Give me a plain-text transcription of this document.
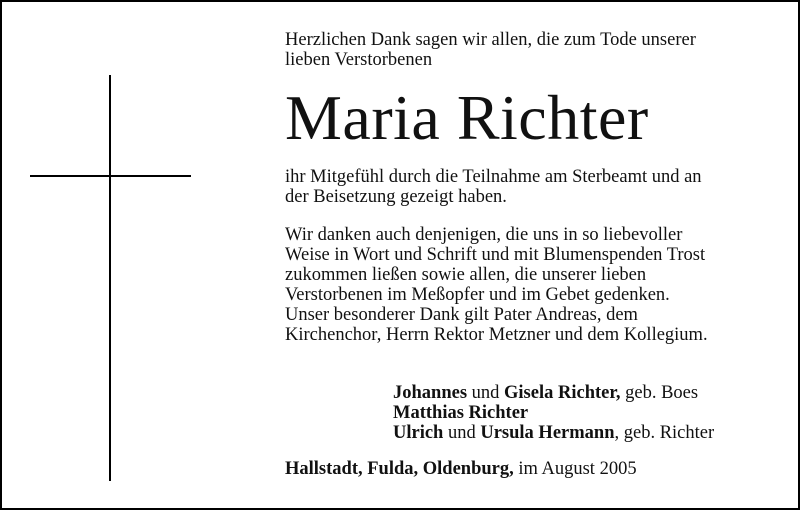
Herzlichen Dank sagen wir allen, die zum Tode unserer

lieben Verstorbenen

Maria Richter

ihr Mitgefühl durch die Teilnahme am Sterbeamt und an

der Beisetzung gezeigt haben.

Wir danken auch denjenigen, die uns in so liebevoller

Weise in Wort und Schrift und mit Blumenspenden Trost

zukommen ließen sowie allen, die unserer lieben

Verstorbenen im Meßopfer und im Gebet gedenken.

Unser besonderer Dank gilt Pater Andreas, dem

Kirchenchor, Herrn Rektor Metzner und dem Kollegium.

Johannes und Gisela Richter, geb. Boes

Matthias Richter

Ulrich und Ursula Hermann, geb. Richter

Hallstadt, Fulda, Oldenburg, im August 2005
